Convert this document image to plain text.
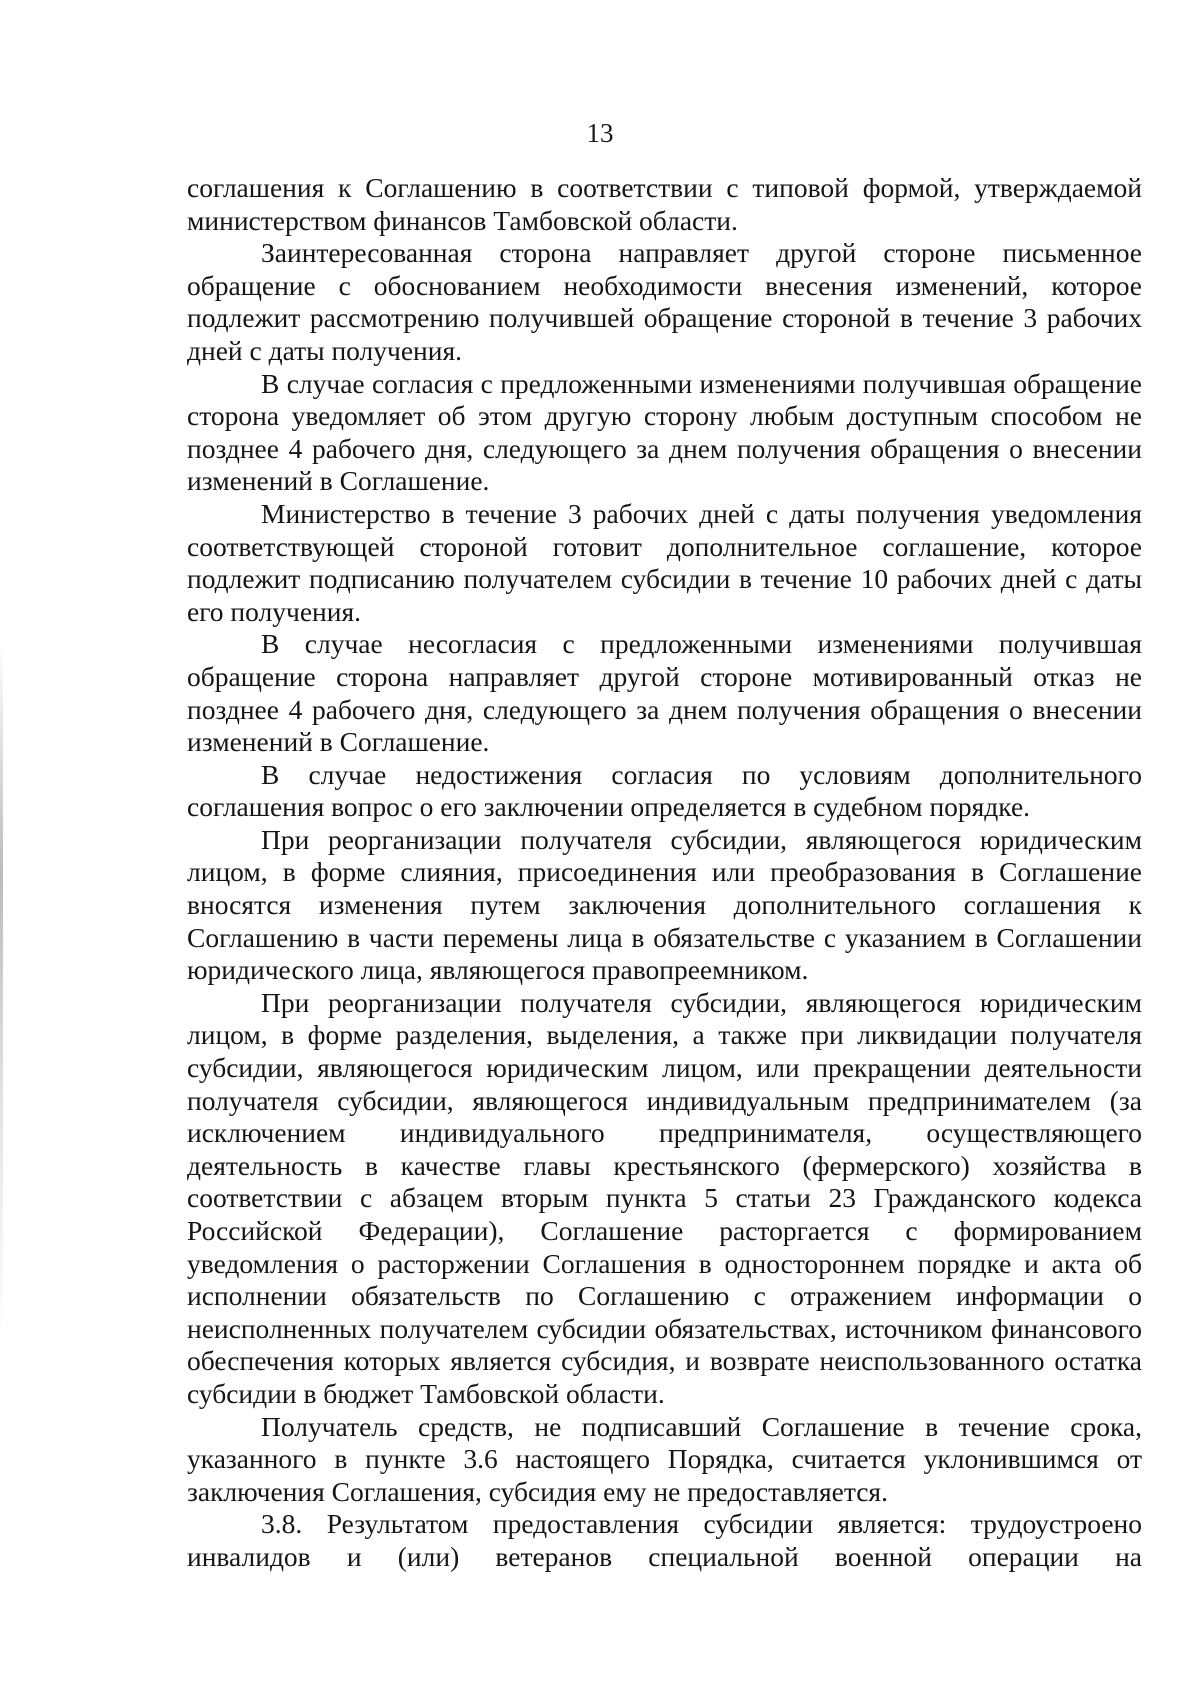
13

соглашения к Соглашению в соответствии с типовой формой, утверждаемой министерством финансов Тамбовской области.

Заинтересованная сторона направляет другой стороне письменное обращение с обоснованием необходимости внесения изменений, которое подлежит рассмотрению получившей обращение стороной в течение 3 рабочих дней с даты получения.

В случае согласия с предложенными изменениями получившая обращение сторона уведомляет об этом другую сторону любым доступным способом не позднее 4 рабочего дня, следующего за днем получения обращения о внесении изменений в Соглашение.

Министерство в течение 3 рабочих дней с даты получения уведомления соответствующей стороной готовит дополнительное соглашение, которое подлежит подписанию получателем субсидии в течение 10 рабочих дней с даты его получения.

В случае несогласия с предложенными изменениями получившая обращение сторона направляет другой стороне мотивированный отказ не позднее 4 рабочего дня, следующего за днем получения обращения о внесении изменений в Соглашение.

В случае недостижения согласия по условиям дополнительного соглашения вопрос о его заключении определяется в судебном порядке.

При реорганизации получателя субсидии, являющегося юридическим лицом, в форме слияния, присоединения или преобразования в Соглашение вносятся изменения путем заключения дополнительного соглашения к Соглашению в части перемены лица в обязательстве с указанием в Соглашении юридического лица, являющегося правопреемником.

При реорганизации получателя субсидии, являющегося юридическим лицом, в форме разделения, выделения, а также при ликвидации получателя субсидии, являющегося юридическим лицом, или прекращении деятельности получателя субсидии, являющегося индивидуальным предпринимателем (за исключением индивидуального предпринимателя, осуществляющего деятельность в качестве главы крестьянского (фермерского) хозяйства в соответствии с абзацем вторым пункта 5 статьи 23 Гражданского кодекса Российской Федерации), Соглашение расторгается с формированием уведомления о расторжении Соглашения в одностороннем порядке и акта об исполнении обязательств по Соглашению с отражением информации о неисполненных получателем субсидии обязательствах, источником финансового обеспечения которых является субсидия, и возврате неиспользованного остатка субсидии в бюджет Тамбовской области.

Получатель средств, не подписавший Соглашение в течение срока, указанного в пункте 3.6 настоящего Порядка, считается уклонившимся от заключения Соглашения, субсидия ему не предоставляется.

3.8. Результатом предоставления субсидии является: трудоустроено инвалидов и (или) ветеранов специальной военной операции на
